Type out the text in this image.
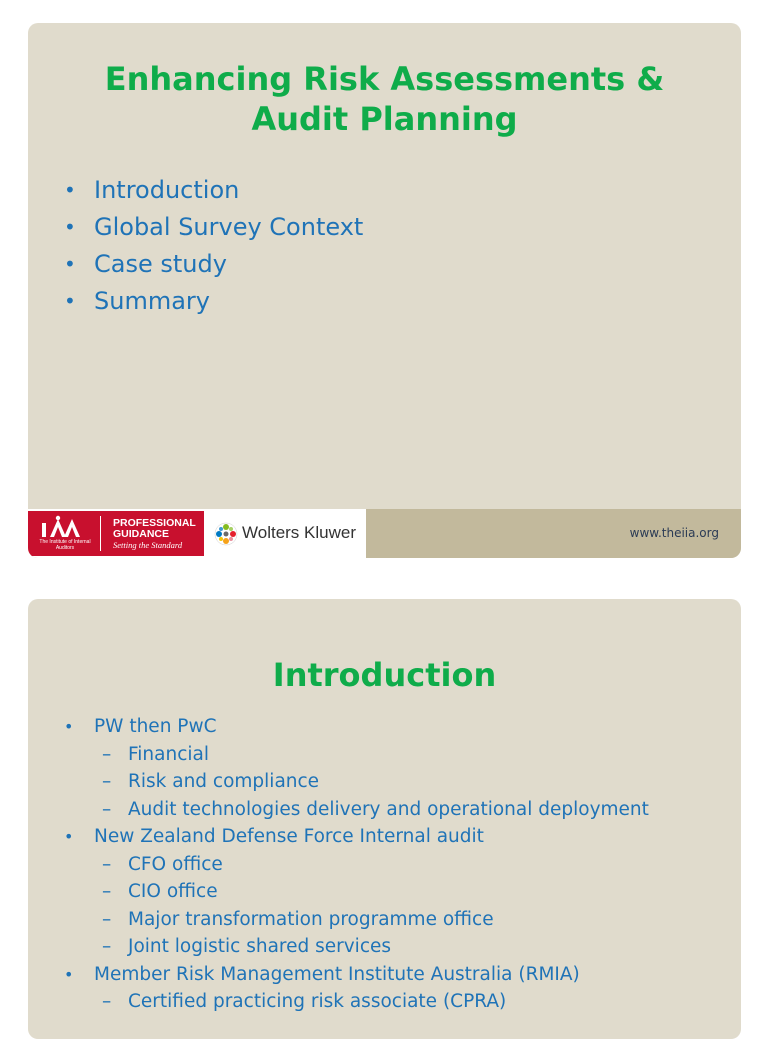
Enhancing Risk Assessments &
Audit Planning
• Introduction
• Global Survey Context
• Case study
• Summary
The Institute of Internal Auditors
PROFESSIONAL
GUIDANCE
Setting the Standard
Wolters Kluwer	www.theiia.org
Introduction
• PW then PwC
– Financial
– Risk and compliance
– Audit technologies delivery and operational deployment
• New Zealand Defense Force Internal audit
– CFO office
– CIO office
– Major transformation programme office
– Joint logistic shared services
• Member Risk Management Institute Australia (RMIA)
– Certified practicing risk associate (CPRA)
